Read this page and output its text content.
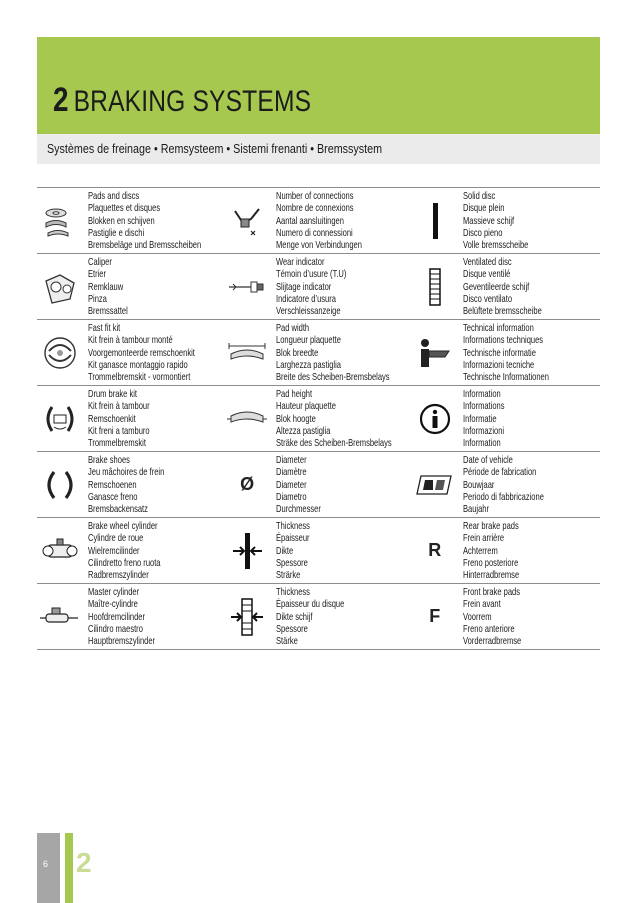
2 BRAKING SYSTEMS
Systèmes de freinage • Remsysteem • Sistemi frenanti • Bremssystem
Pads and discs
Plaquettes et disques
Blokken en schijven
Pastiglie e dischi
Bremsbeläge und Bremsscheiben
Number of connections
Nombre de connexions
Aantal aansluitingen
Numero di connessioni
Menge von Verbindungen
Solid disc
Disque plein
Massieve schijf
Disco pieno
Volle bremsscheibe
Caliper
Etrier
Remklauw
Pinza
Bremssattel
Wear indicator
Témoin d’usure (T.U)
Slijtage indicator
Indicatore d’usura
Verschleissanzeige
Ventilated disc
Disque ventilé
Geventileerde schijf
Disco ventilato
Belüftete bremsscheibe
Fast fit kit
Kit frein à tambour monté
Voorgemonteerde remschoenkit
Kit ganasce montaggio rapido
Trommelbremskit - vormontiert
Pad width
Longueur plaquette
Blok breedte
Larghezza pastiglia
Breite des Scheiben-Bremsbelays
Technical information
Informations techniques
Technische informatie
Informazioni tecniche
Technische Informationen
Drum brake kit
Kit frein à tambour
Remschoenkit
Kit freni a tamburo
Trommelbremskit
Pad height
Hauteur plaquette
Blok hoogte
Altezza pastiglia
Sträke des Scheiben-Bremsbelays
Information
Informations
Informatie
Informazioni
Information
Brake shoes
Jeu mâchoires de frein
Remschoenen
Ganasce freno
Bremsbackensatz
Ø
Diameter
Diamètre
Diameter
Diametro
Durchmesser
Date of vehicle
Période de fabrication
Bouwjaar
Periodo di fabbricazione
Baujahr
Brake wheel cylinder
Cylindre de roue
Wielremcilinder
Cilindretto freno ruota
Radbremszylinder
Thickness
Épaisseur
Dikte
Spessore
Strärke
R
Rear brake pads
Frein arrière
Achterrem
Freno posteriore
Hinterradbremse
Master cylinder
Maître-cylindre
Hoofdremcilinder
Cilindro maestro
Hauptbremszylinder
Thickness
Épaisseur du disque
Dikte schijf
Spessore
Stärke
F
Front brake pads
Frein avant
Voorrem
Freno anteriore
Vorderradbremse
6 2
